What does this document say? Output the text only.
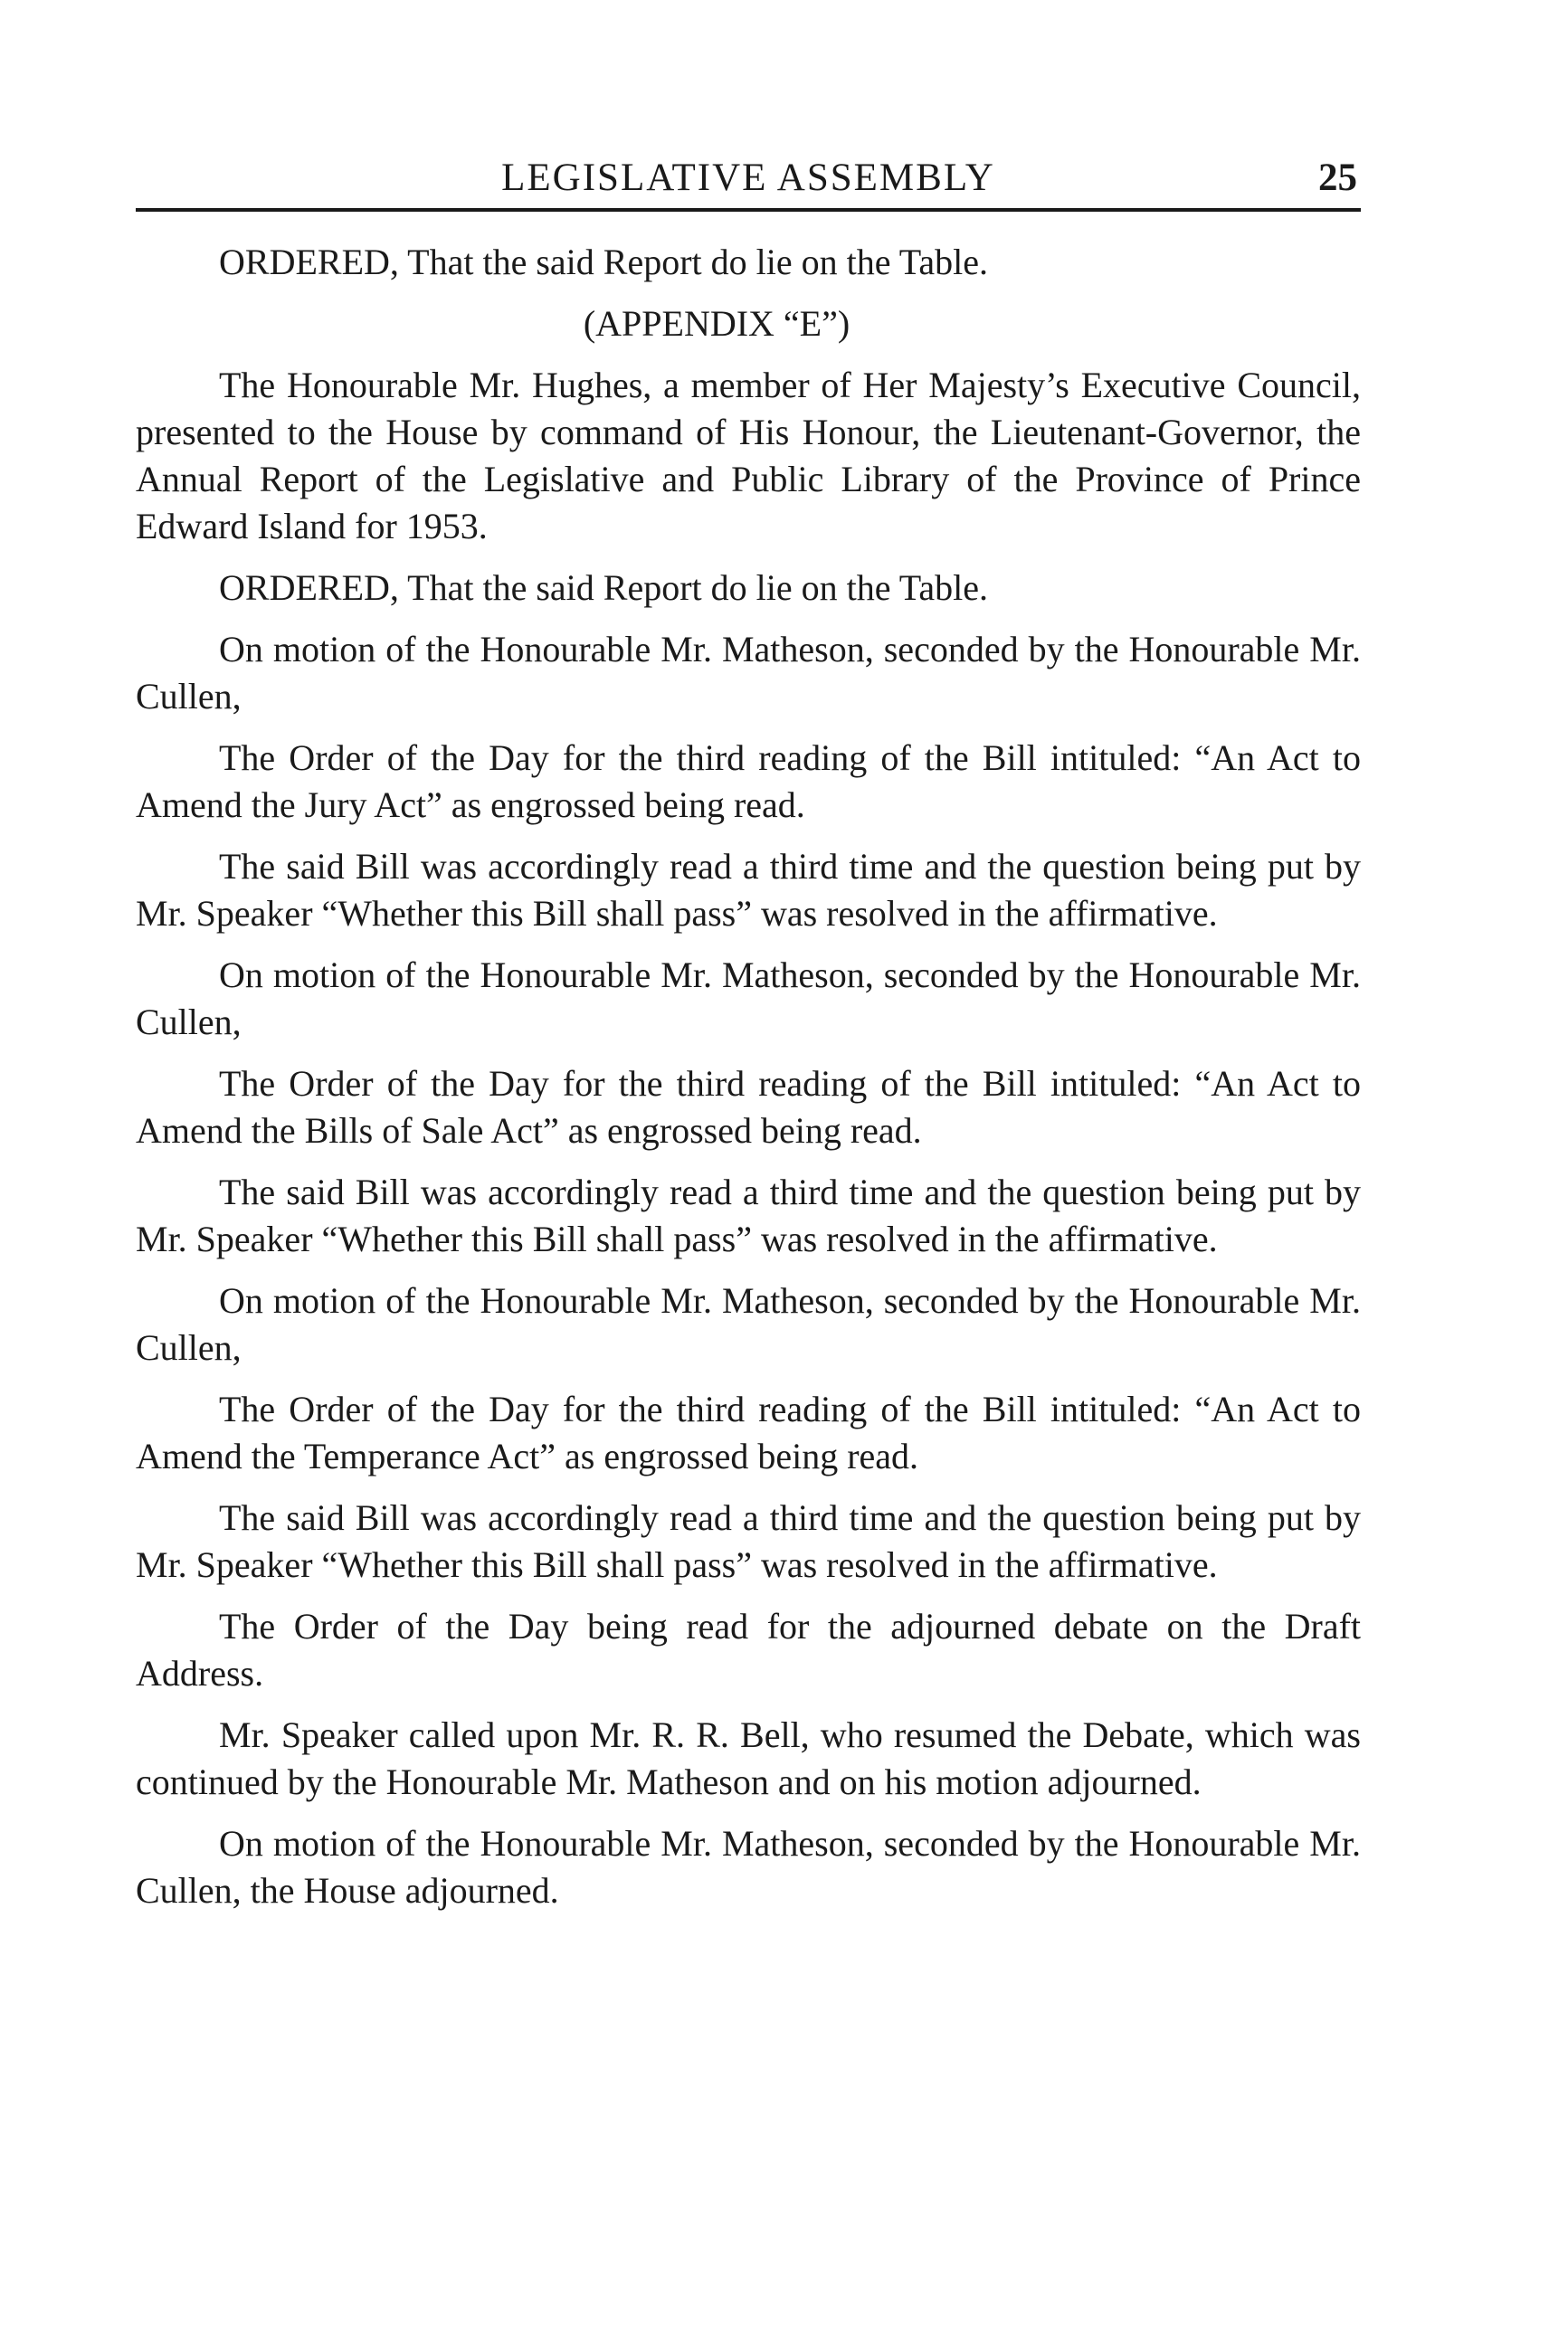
LEGISLATIVE ASSEMBLY	25

ORDERED, That the said Report do lie on the Table.

(APPENDIX “E”)

The Honourable Mr. Hughes, a member of Her Majesty’s Executive Council, presented to the House by command of His Honour, the Lieutenant-Governor, the Annual Report of the Legislative and Public Library of the Province of Prince Edward Island for 1953.

ORDERED, That the said Report do lie on the Table.

On motion of the Honourable Mr. Matheson, seconded by the Honourable Mr. Cullen,

The Order of the Day for the third reading of the Bill intituled: “An Act to Amend the Jury Act” as engrossed being read.

The said Bill was accordingly read a third time and the question being put by Mr. Speaker “Whether this Bill shall pass” was resolved in the affirmative.

On motion of the Honourable Mr. Matheson, seconded by the Honourable Mr. Cullen,

The Order of the Day for the third reading of the Bill intituled: “An Act to Amend the Bills of Sale Act” as engrossed being read.

The said Bill was accordingly read a third time and the question being put by Mr. Speaker “Whether this Bill shall pass” was resolved in the affirmative.

On motion of the Honourable Mr. Matheson, seconded by the Honourable Mr. Cullen,

The Order of the Day for the third reading of the Bill intituled: “An Act to Amend the Temperance Act” as engrossed being read.

The said Bill was accordingly read a third time and the question being put by Mr. Speaker “Whether this Bill shall pass” was resolved in the affirmative.

The Order of the Day being read for the adjourned debate on the Draft Address.

Mr. Speaker called upon Mr. R. R. Bell, who resumed the Debate, which was continued by the Honourable Mr. Matheson and on his motion adjourned.

On motion of the Honourable Mr. Matheson, seconded by the Honourable Mr. Cullen, the House adjourned.
